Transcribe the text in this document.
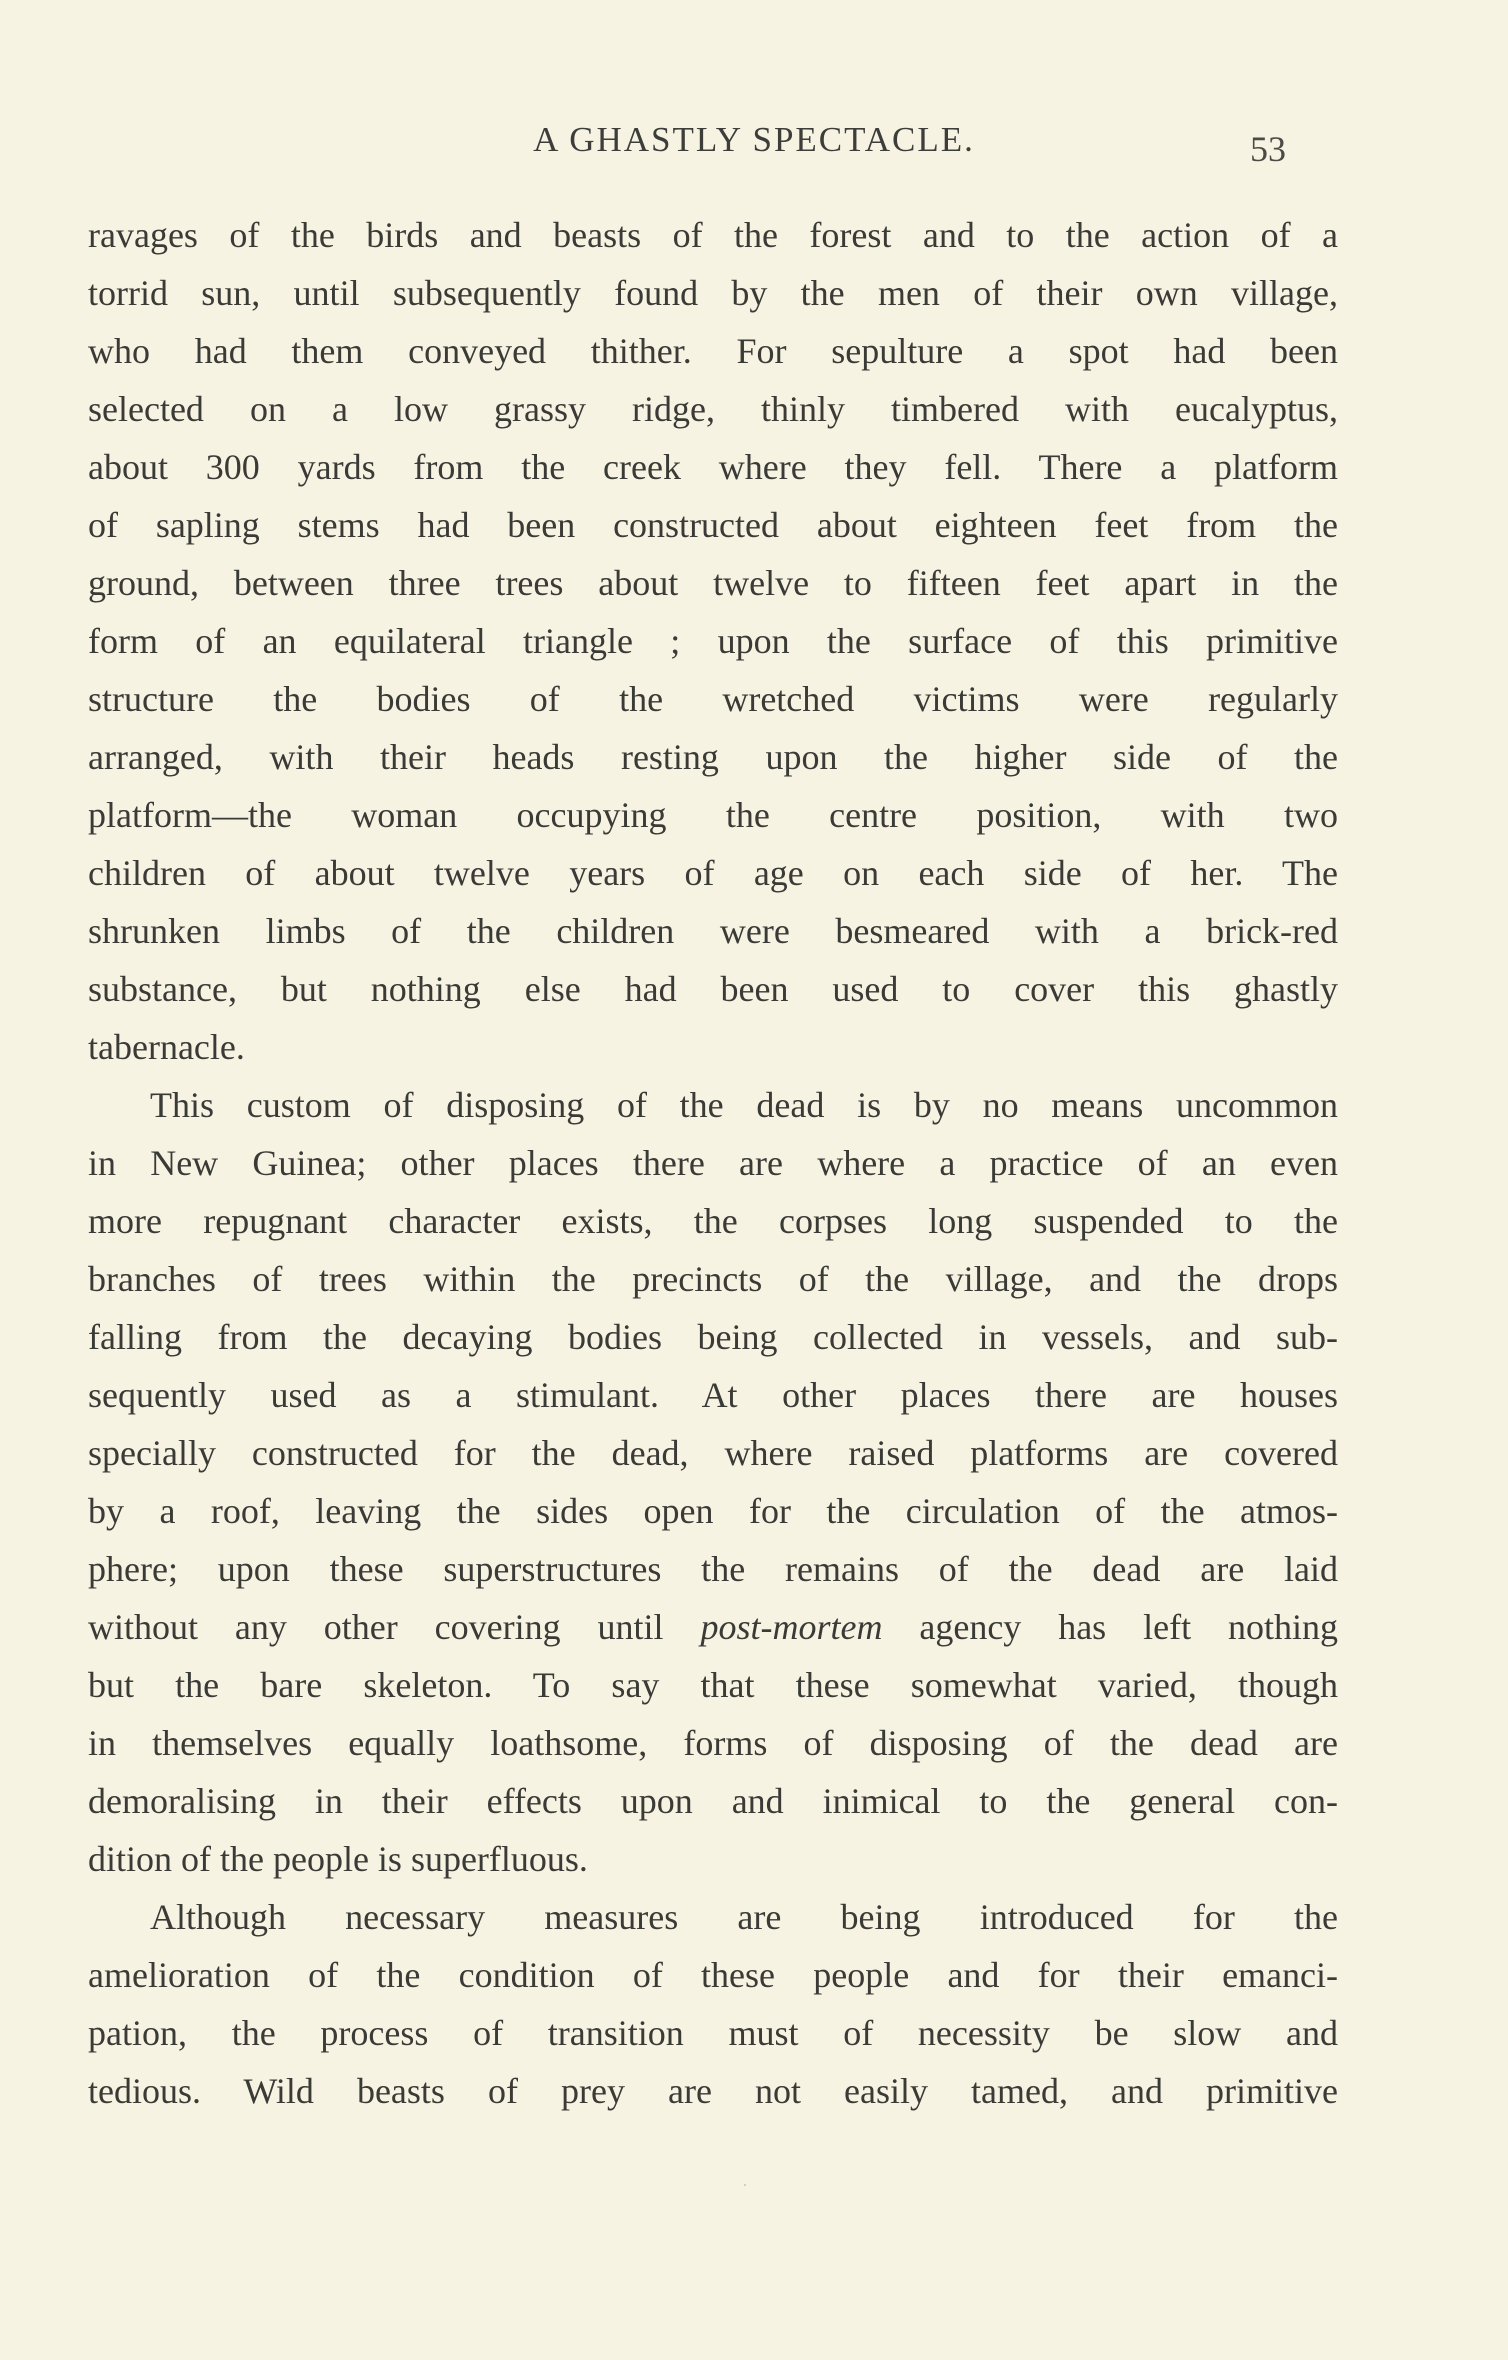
A GHASTLY SPECTACLE.	53
ravages of the birds and beasts of the forest and to the action of a
torrid sun, until subsequently found by the men of their own village,
who had them conveyed thither. For sepulture a spot had been
selected on a low grassy ridge, thinly timbered with eucalyptus,
about 300 yards from the creek where they fell. There a platform
of sapling stems had been constructed about eighteen feet from the
ground, between three trees about twelve to fifteen feet apart in the
form of an equilateral triangle ; upon the surface of this primitive
structure the bodies of the wretched victims were regularly
arranged, with their heads resting upon the higher side of the
platform—the woman occupying the centre position, with two
children of about twelve years of age on each side of her. The
shrunken limbs of the children were besmeared with a brick-red
substance, but nothing else had been used to cover this ghastly
tabernacle.
This custom of disposing of the dead is by no means uncommon
in New Guinea; other places there are where a practice of an even
more repugnant character exists, the corpses long suspended to the
branches of trees within the precincts of the village, and the drops
falling from the decaying bodies being collected in vessels, and sub-
sequently used as a stimulant. At other places there are houses
specially constructed for the dead, where raised platforms are covered
by a roof, leaving the sides open for the circulation of the atmos-
phere; upon these superstructures the remains of the dead are laid
without any other covering until post-mortem agency has left nothing
but the bare skeleton. To say that these somewhat varied, though
in themselves equally loathsome, forms of disposing of the dead are
demoralising in their effects upon and inimical to the general con-
dition of the people is superfluous.
Although necessary measures are being introduced for the
amelioration of the condition of these people and for their emanci-
pation, the process of transition must of necessity be slow and
tedious. Wild beasts of prey are not easily tamed, and primitive
